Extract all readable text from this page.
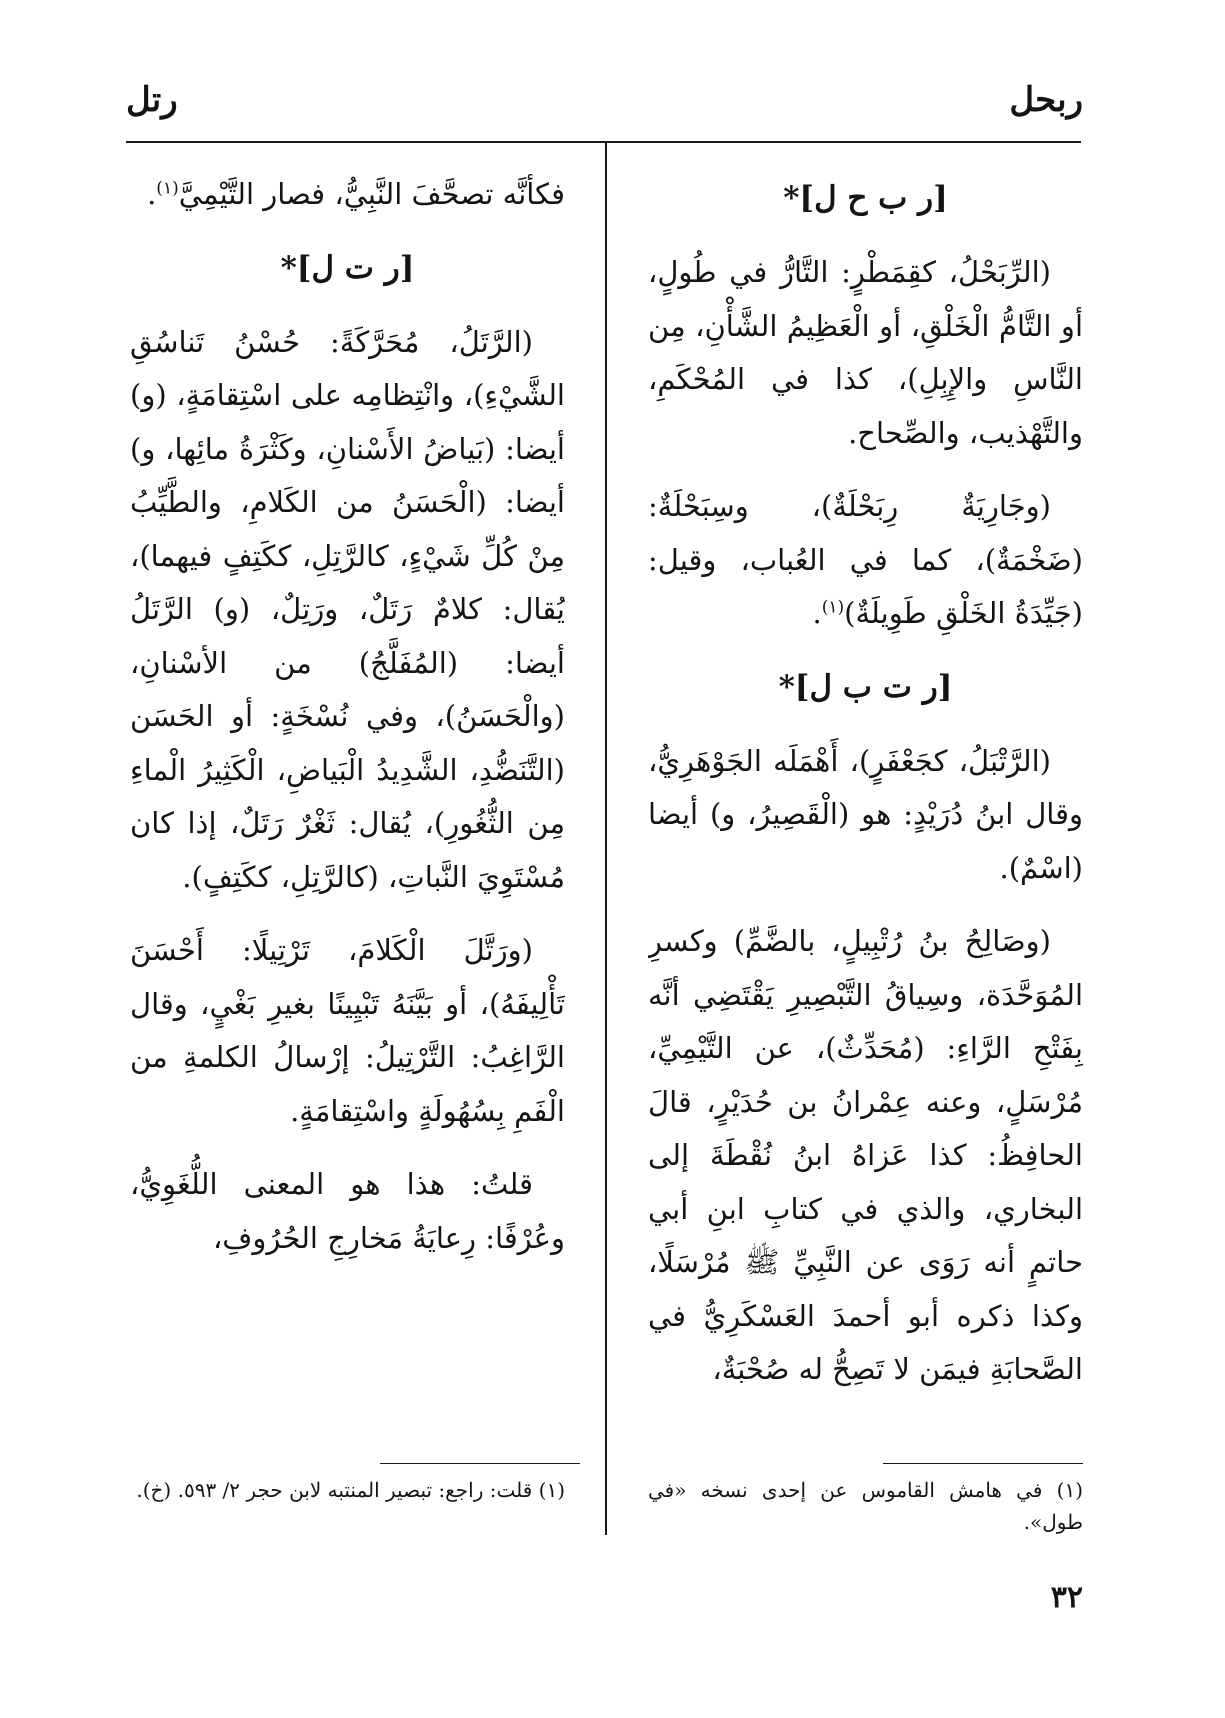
ربحل
رتل
[ر ب ح ل]*

(الرِّبَحْلُ، كقِمَطْرٍ: التَّارُّ في طُولٍ، أو التَّامُّ الْخَلْقِ، أو الْعَظِيمُ الشَّأْنِ، مِن النَّاسِ والإِبِلِ)، كذا في المُحْكَمِ، والتَّهْذيب، والصِّحاح.

(وجَارِيَةٌ رِبَحْلَةٌ)، وسِبَحْلَةٌ: (ضَخْمَةٌ)، كما في العُباب، وقيل: (جَيِّدَةُ الخَلْقِ طَوِيلَةٌ)$^{(١)}$.

[ر ت ب ل]*

(الرَّتْبَلُ، كجَعْفَرٍ)، أَهْمَلَه الجَوْهَرِيُّ، وقال ابنُ دُرَيْدٍ: هو (الْقَصِيرُ، و) أيضا (اسْمٌ).

(وصَالِحُ بنُ رُتْبِيلٍ، بالضَّمِّ) وكسرِ المُوَحَّدَة، وسِياقُ التَّبْصِيرِ يَقْتَضِي أنَّه بِفَتْحِ الرَّاءِ: (مُحَدِّثٌ)، عن التَّيْمِيِّ، مُرْسَلٍ، وعنه عِمْرانُ بن حُدَيْرٍ، قالَ الحافِظُ: كذا عَزاهُ ابنُ نُقْطَةَ إلى البخاري، والذي في كتابِ ابنِ أبي حاتمٍ أنه رَوَى عن النَّبِيِّ ﷺ مُرْسَلًا، وكذا ذكره أبو أحمدَ العَسْكَرِيُّ في الصَّحابَةِ فيمَن لا تَصِحُّ له صُحْبَةٌ،

فكأنَّه تصحَّفَ النَّبِيُّ، فصار التَّيْمِيَّ$^{(١)}$.

[ر ت ل]*

(الرَّتَلُ، مُحَرَّكَةً: حُسْنُ تَناسُقِ الشَّيْءِ)، وانْتِظامِه على اسْتِقامَةٍ، (و) أيضا: (بَياضُ الأَسْنانِ، وكَثْرَةُ مائِها، و) أيضا: (الْحَسَنُ من الكَلامِ، والطَّيِّبُ مِنْ كُلِّ شَيْءٍ، كالرَّتِلِ، ككَتِفٍ فيهما)، يُقال: كلامٌ رَتَلٌ، ورَتِلٌ، (و) الرَّتَلُ أيضا: (المُفَلَّجُ) من الأسْنانِ، (والْحَسَنُ)، وفي نُسْخَةٍ: أو الحَسَن (التَّنَضُّدِ، الشَّدِيدُ الْبَياضِ، الْكَثِيرُ الْماءِ مِن الثُّغُورِ)، يُقال: ثَغْرٌ رَتَلٌ، إذا كان مُسْتَوِيَ النَّباتِ، (كالرَّتِلِ، ككَتِفٍ).

(ورَتَّلَ الْكَلامَ، تَرْتِيلًا: أَحْسَنَ تَأْلِيفَهُ)، أو بَيَّنَهُ تَبْيِينًا بغيرِ بَغْيٍ، وقال الرَّاغِبُ: التَّرْتِيلُ: إرْسالُ الكلمةِ من الْفَمِ بِسُهُولَةٍ واسْتِقامَةٍ.

قلتُ: هذا هو المعنى اللُّغَوِيُّ، وعُرْفًا: رِعايَةُ مَخارِجِ الحُرُوفِ،

(١) في هامش القاموس عن إحدى نسخه «في طول».
(١) قلت: راجع: تبصير المنتبه لابن حجر ٢/ ٥٩٣. (خ).
٣٢
